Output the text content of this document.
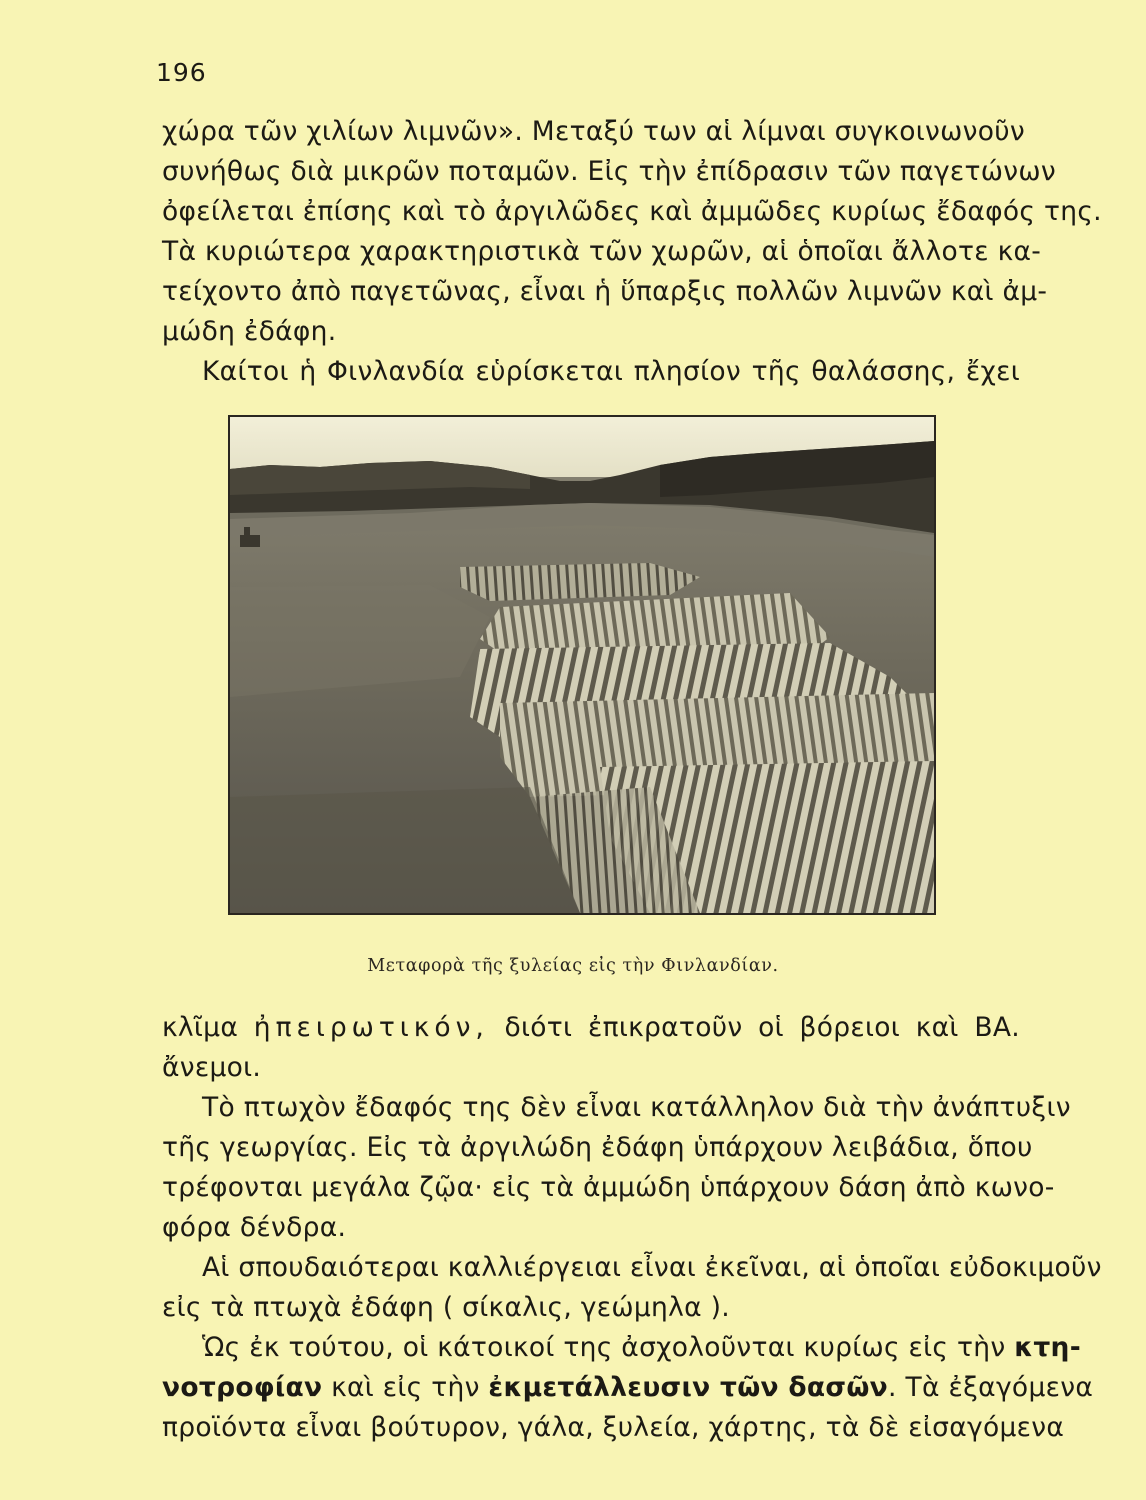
196
χώρα τῶν χιλίων λιμνῶν». Μεταξύ των αἱ λίμναι συγκοινωνοῦν
συνήθως διὰ μικρῶν ποταμῶν. Εἰς τὴν ἐπίδρασιν τῶν παγετώνων
ὀφείλεται ἐπίσης καὶ τὸ ἀργιλῶδες καὶ ἀμμῶδες κυρίως ἔδαφός της.
Τὰ κυριώτερα χαρακτηριστικὰ τῶν χωρῶν, αἱ ὁποῖαι ἄλλοτε κα-
τείχοντο ἀπὸ παγετῶνας, εἶναι ἡ ὕπαρξις πολλῶν λιμνῶν καὶ ἀμ-
μώδη ἐδάφη.
Καίτοι ἡ Φινλανδία εὑρίσκεται πλησίον τῆς θαλάσσης, ἔχει
Μεταφορὰ τῆς ξυλείας εἰς τὴν Φινλανδίαν.
κλῖμα ἠπειρωτικόν, διότι ἐπικρατοῦν οἱ βόρειοι καὶ ΒΑ.
ἄνεμοι.
Τὸ πτωχὸν ἔδαφός της δὲν εἶναι κατάλληλον διὰ τὴν ἀνάπτυξιν
τῆς γεωργίας. Εἰς τὰ ἀργιλώδη ἐδάφη ὑπάρχουν λειβάδια, ὅπου
τρέφονται μεγάλα ζῷα· εἰς τὰ ἀμμώδη ὑπάρχουν δάση ἀπὸ κωνο-
φόρα δένδρα.
Αἱ σπουδαιότεραι καλλιέργειαι εἶναι ἐκεῖναι, αἱ ὁποῖαι εὐδοκιμοῦν
εἰς τὰ πτωχὰ ἐδάφη ( σίκαλις, γεώμηλα ).
Ὡς ἐκ τούτου, οἱ κάτοικοί της ἀσχολοῦνται κυρίως εἰς τὴν κτη-
νοτροφίαν καὶ εἰς τὴν ἐκμετάλλευσιν τῶν δασῶν. Τὰ ἐξαγόμενα
προϊόντα εἶναι βούτυρον, γάλα, ξυλεία, χάρτης, τὰ δὲ εἰσαγόμενα
